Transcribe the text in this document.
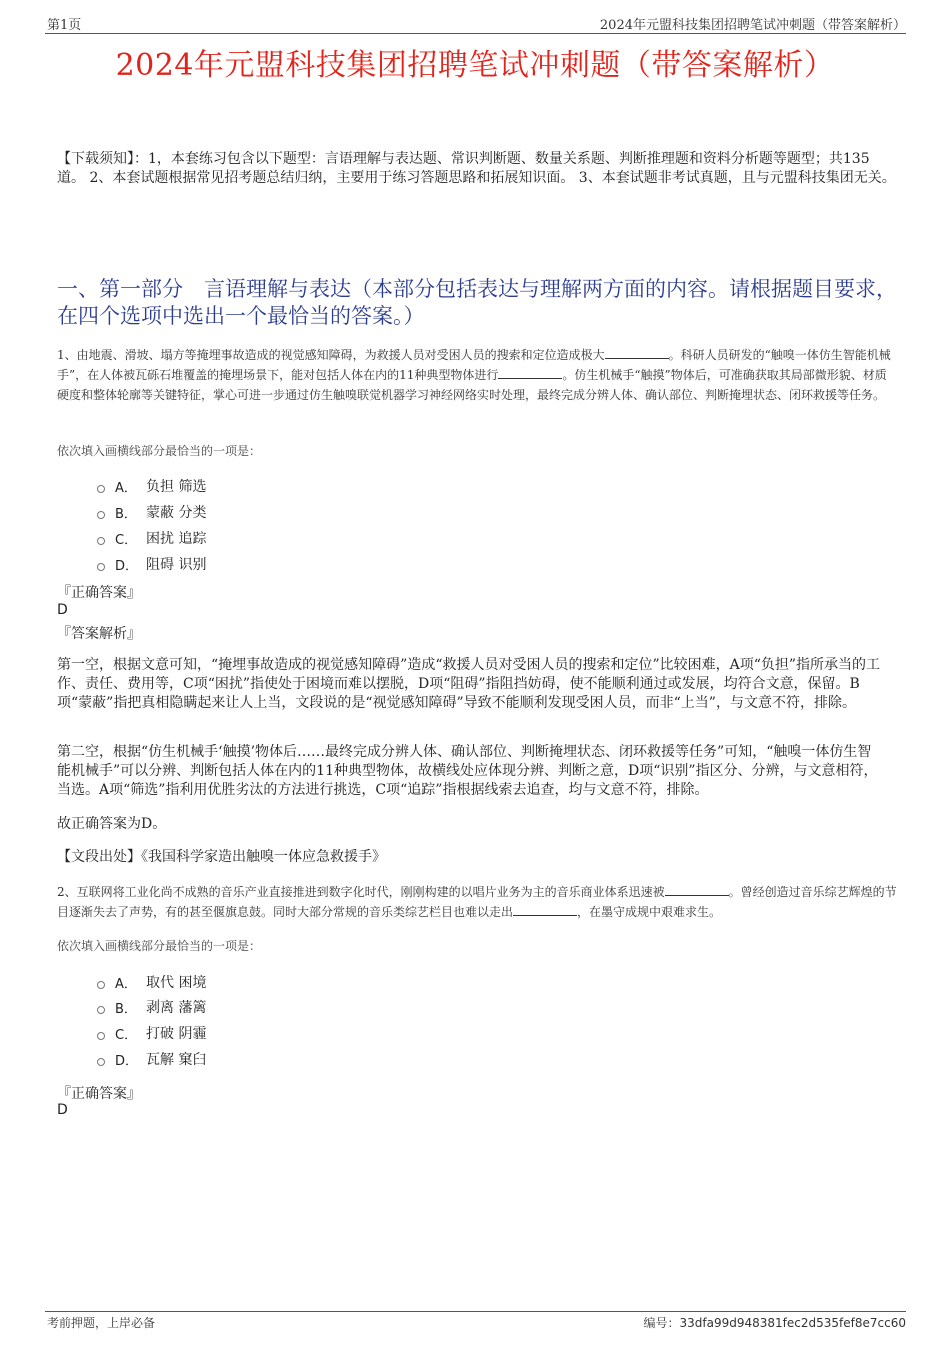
第1页	2024年元盟科技集团招聘笔试冲刺题（带答案解析）
2024年元盟科技集团招聘笔试冲刺题（带答案解析）
【下载须知】：1，本套练习包含以下题型：言语理解与表达题、常识判断题、数量关系题、判断推理题和资料分析题等题型；共135道。 2、本套试题根据常见招考题总结归纳，主要用于练习答题思路和拓展知识面。 3、本套试题非考试真题，且与元盟科技集团无关。
一、第一部分　言语理解与表达（本部分包括表达与理解两方面的内容。请根据题目要求，在四个选项中选出一个最恰当的答案。）
1、由地震、滑坡、塌方等掩埋事故造成的视觉感知障碍，为救援人员对受困人员的搜索和定位造成极大	。科研人员研发的“触嗅一体仿生智能机械手”，在人体被瓦砾石堆覆盖的掩埋场景下，能对包括人体在内的11种典型物体进行	。仿生机械手“触摸”物体后，可准确获取其局部微形貌、材质硬度和整体轮廓等关键特征，掌心可进一步通过仿生触嗅联觉机器学习神经网络实时处理，最终完成分辨人体、确认部位、判断掩埋状态、闭环救援等任务。
依次填入画横线部分最恰当的一项是：
A． 负担 筛选
B． 蒙蔽 分类
C． 困扰 追踪
D． 阻碍 识别
『正确答案』
D
『答案解析』
第一空，根据文意可知，“掩埋事故造成的视觉感知障碍”造成“救援人员对受困人员的搜索和定位”比较困难，A项“负担”指所承当的工作、责任、费用等，C项“困扰”指使处于困境而难以摆脱，D项“阻碍”指阻挡妨碍，使不能顺利通过或发展，均符合文意，保留。B项“蒙蔽”指把真相隐瞒起来让人上当，文段说的是“视觉感知障碍”导致不能顺利发现受困人员，而非“上当”，与文意不符，排除。
第二空，根据“仿生机械手‘触摸’物体后……最终完成分辨人体、确认部位、判断掩埋状态、闭环救援等任务”可知，“触嗅一体仿生智能机械手”可以分辨、判断包括人体在内的11种典型物体，故横线处应体现分辨、判断之意，D项“识别”指区分、分辨，与文意相符，当选。A项“筛选”指利用优胜劣汰的方法进行挑选，C项“追踪”指根据线索去追查，均与文意不符，排除。
故正确答案为D。
【文段出处】《我国科学家造出触嗅一体应急救援手》
2、互联网将工业化尚不成熟的音乐产业直接推进到数字化时代，刚刚构建的以唱片业务为主的音乐商业体系迅速被	。曾经创造过音乐综艺辉煌的节目逐渐失去了声势，有的甚至偃旗息鼓。同时大部分常规的音乐类综艺栏目也难以走出	，在墨守成规中艰难求生。
依次填入画横线部分最恰当的一项是：
A． 取代 困境
B． 剥离 藩篱
C． 打破 阴霾
D． 瓦解 窠臼
『正确答案』
D
考前押题，上岸必备	编号：33dfa99d948381fec2d535fef8e7cc60
